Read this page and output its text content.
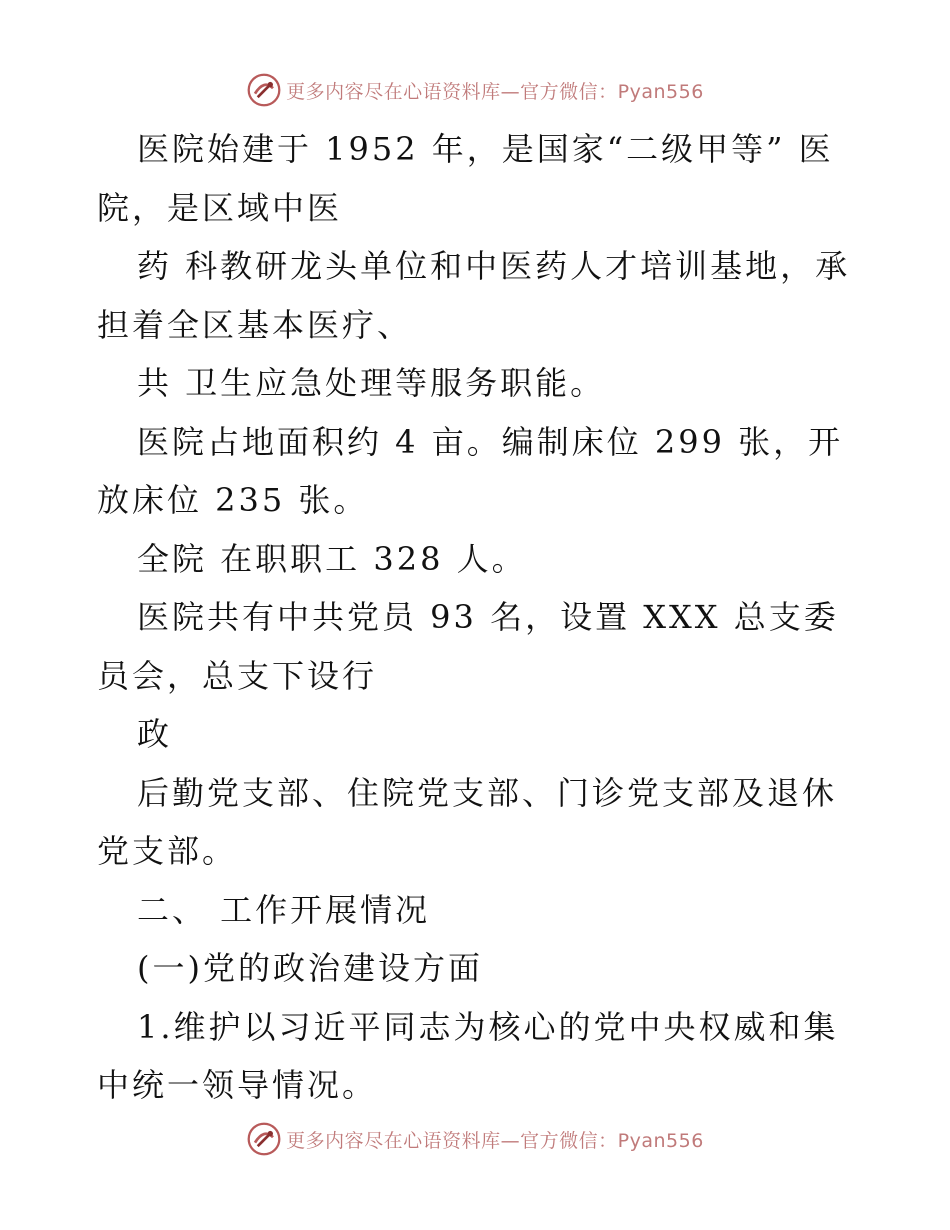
更多内容尽在心语资料库—官方微信：Pyan556

医院始建于 1952 年，是国家“二级甲等” 医院，是区域中医

药 科教研龙头单位和中医药人才培训基地，承担着全区基本医疗、

共 卫生应急处理等服务职能。

医院占地面积约 4 亩。编制床位 299 张，开放床位 235 张。

全院 在职职工 328 人。

医院共有中共党员 93 名，设置 XXX 总支委员会，总支下设行

政

后勤党支部、住院党支部、门诊党支部及退休党支部。

二、 工作开展情况

(一)党的政治建设方面

1.维护以习近平同志为核心的党中央权威和集中统一领导情况。

更多内容尽在心语资料库—官方微信：Pyan556
